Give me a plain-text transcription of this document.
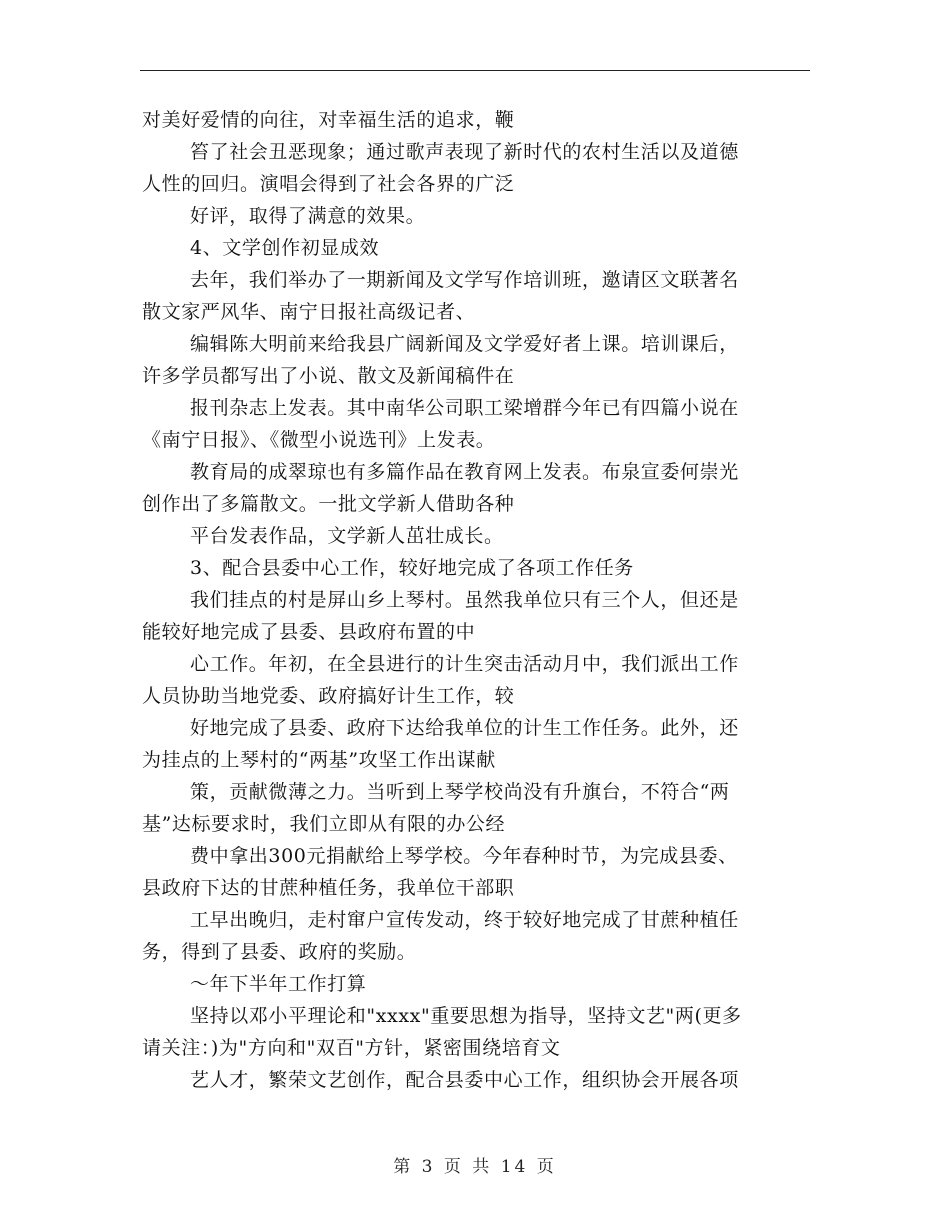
对美好爱情的向往，对幸福生活的追求，鞭
笞了社会丑恶现象；通过歌声表现了新时代的农村生活以及道德
人性的回归。演唱会得到了社会各界的广泛
好评，取得了满意的效果。
4、文学创作初显成效
去年，我们举办了一期新闻及文学写作培训班，邀请区文联著名
散文家严风华、南宁日报社高级记者、
编辑陈大明前来给我县广阔新闻及文学爱好者上课。培训课后，
许多学员都写出了小说、散文及新闻稿件在
报刊杂志上发表。其中南华公司职工梁增群今年已有四篇小说在
《南宁日报》、《微型小说选刊》上发表。
教育局的成翠琼也有多篇作品在教育网上发表。布泉宣委何崇光
创作出了多篇散文。一批文学新人借助各种
平台发表作品，文学新人茁壮成长。
3、配合县委中心工作，较好地完成了各项工作任务
我们挂点的村是屏山乡上琴村。虽然我单位只有三个人，但还是
能较好地完成了县委、县政府布置的中
心工作。年初，在全县进行的计生突击活动月中，我们派出工作
人员协助当地党委、政府搞好计生工作，较
好地完成了县委、政府下达给我单位的计生工作任务。此外，还
为挂点的上琴村的“两基”攻坚工作出谋献
策，贡献微薄之力。当听到上琴学校尚没有升旗台，不符合“两
基”达标要求时，我们立即从有限的办公经
费中拿出300元捐献给上琴学校。今年春种时节，为完成县委、
县政府下达的甘蔗种植任务，我单位干部职
工早出晚归，走村窜户宣传发动，终于较好地完成了甘蔗种植任
务，得到了县委、政府的奖励。
～年下半年工作打算
坚持以邓小平理论和"xxxx"重要思想为指导，坚持文艺"两(更多
请关注：)为"方向和"双百"方针，紧密围绕培育文
艺人才，繁荣文艺创作，配合县委中心工作，组织协会开展各项
第 3 页 共 14 页
